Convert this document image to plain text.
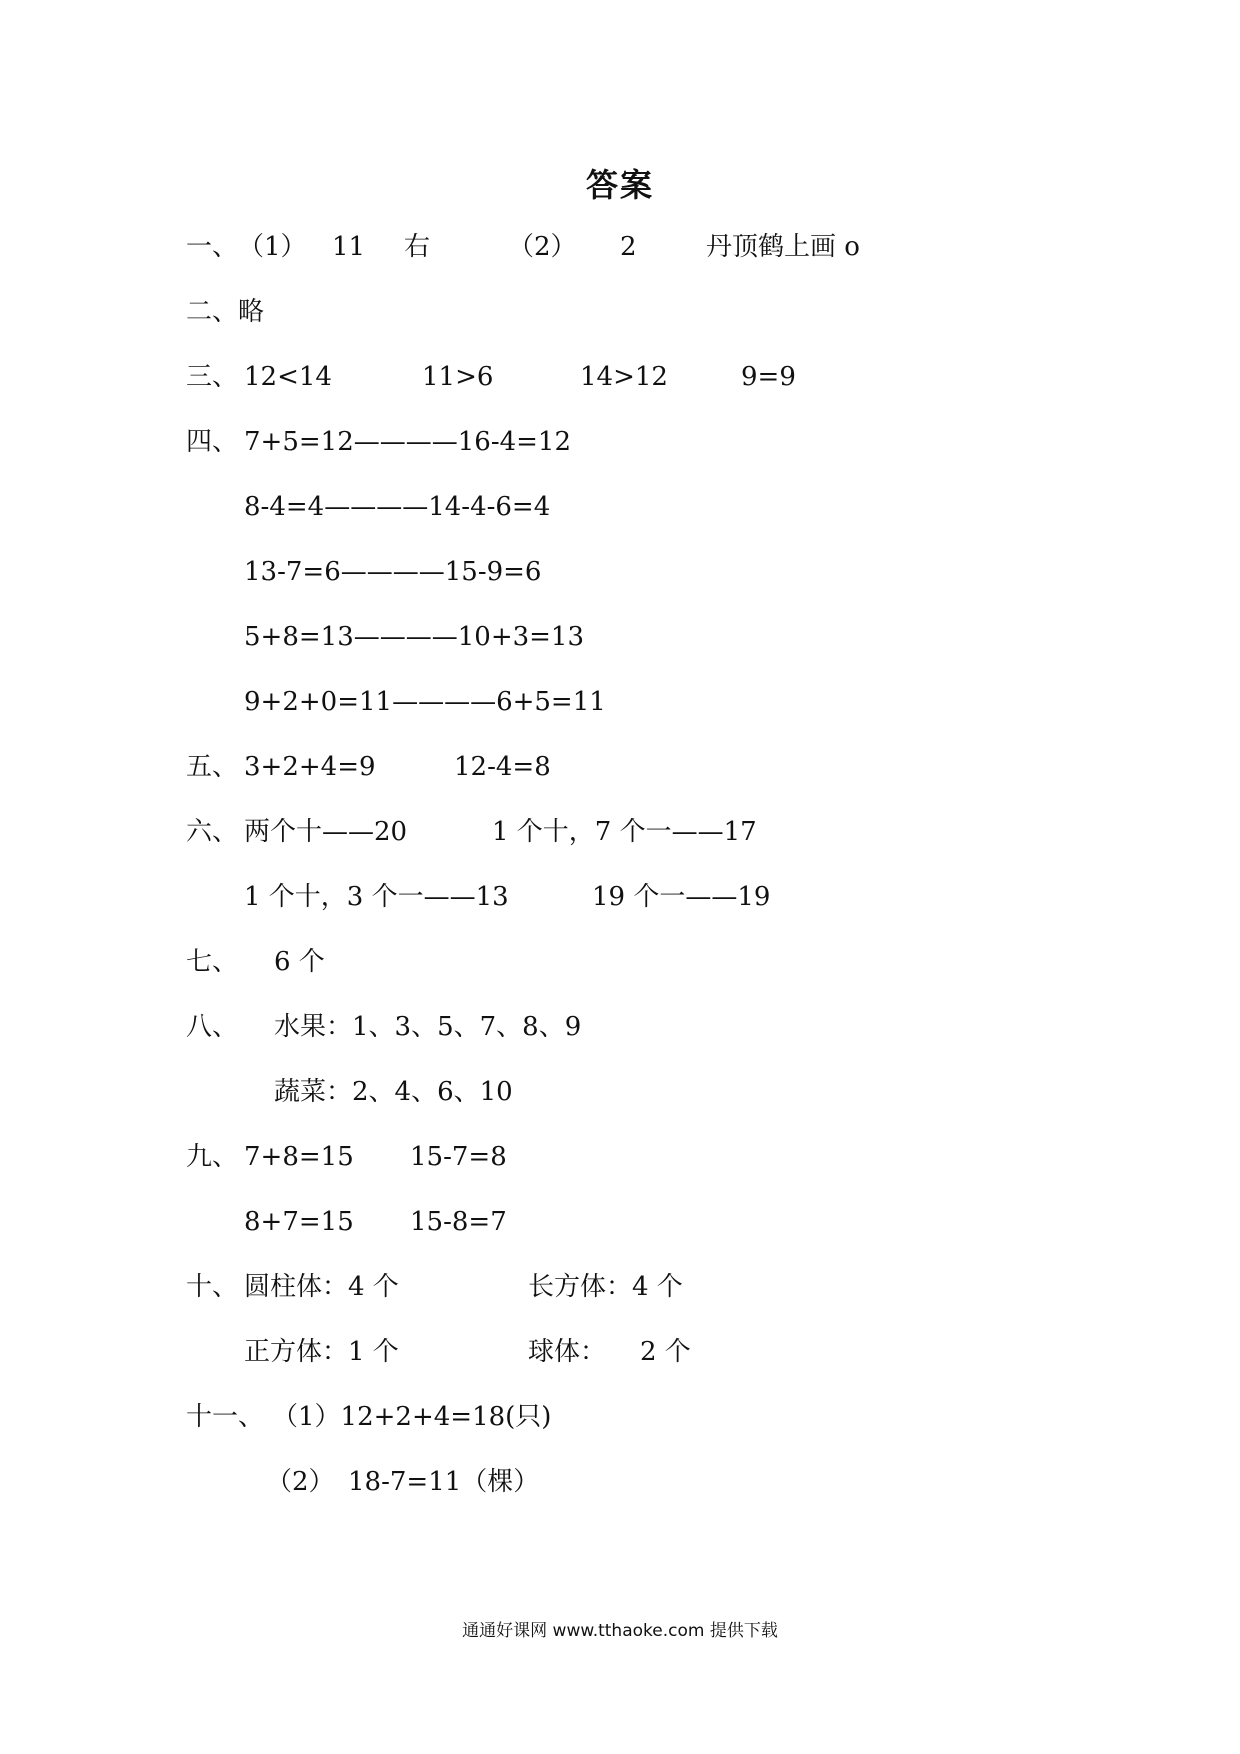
答案
一、 （1） 11 右	（2） 2	丹顶鹤上画 o
二、 略
三、 12<14	11>6	14>12	9=9
四、 7+5=12————16-4=12
8-4=4————14-4-6=4
13-7=6————15-9=6
5+8=13————10+3=13
9+2+0=11————6+5=11
五、 3+2+4=9	12-4=8
六、 两个十——20	1 个十，7 个一——17
1 个十，3 个一——13	19 个一——19
七、 6 个
八、 水果：1、3、5、7、8、9
蔬菜：2、4、6、10
九、 7+8=15 15-7=8
8+7=15 15-8=7
十、 圆柱体：4 个	长方体：4 个
正方体：1 个	球体： 2 个
十一、 （1）12+2+4=18(只)
（2） 18-7=11（棵）
通通好课网 www.tthaoke.com 提供下载
